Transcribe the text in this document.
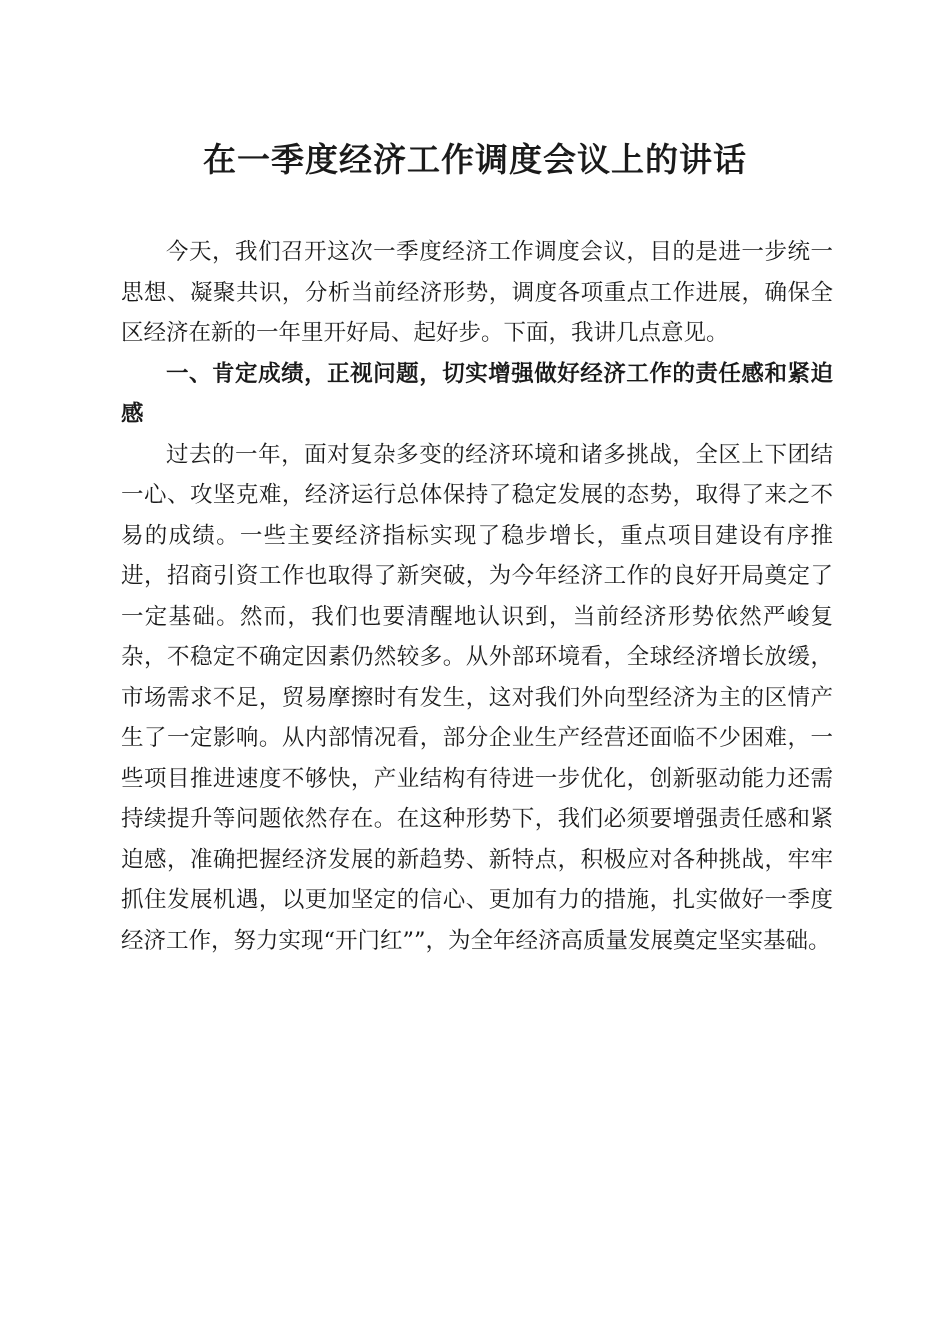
在一季度经济工作调度会议上的讲话

今天，我们召开这次一季度经济工作调度会议，目的是进一步统一思想、凝聚共识，分析当前经济形势，调度各项重点工作进展，确保全区经济在新的一年里开好局、起好步。下面，我讲几点意见。

一、肯定成绩，正视问题，切实增强做好经济工作的责任感和紧迫感

过去的一年，面对复杂多变的经济环境和诸多挑战，全区上下团结一心、攻坚克难，经济运行总体保持了稳定发展的态势，取得了来之不易的成绩。一些主要经济指标实现了稳步增长，重点项目建设有序推进，招商引资工作也取得了新突破，为今年经济工作的良好开局奠定了一定基础。然而，我们也要清醒地认识到，当前经济形势依然严峻复杂，不稳定不确定因素仍然较多。从外部环境看，全球经济增长放缓，市场需求不足，贸易摩擦时有发生，这对我们外向型经济为主的区情产生了一定影响。从内部情况看，部分企业生产经营还面临不少困难，一些项目推进速度不够快，产业结构有待进一步优化，创新驱动能力还需持续提升等问题依然存在。在这种形势下，我们必须要增强责任感和紧迫感，准确把握经济发展的新趋势、新特点，积极应对各种挑战，牢牢抓住发展机遇，以更加坚定的信心、更加有力的措施，扎实做好一季度经济工作，努力实现“开门红””，为全年经济高质量发展奠定坚实基础。
